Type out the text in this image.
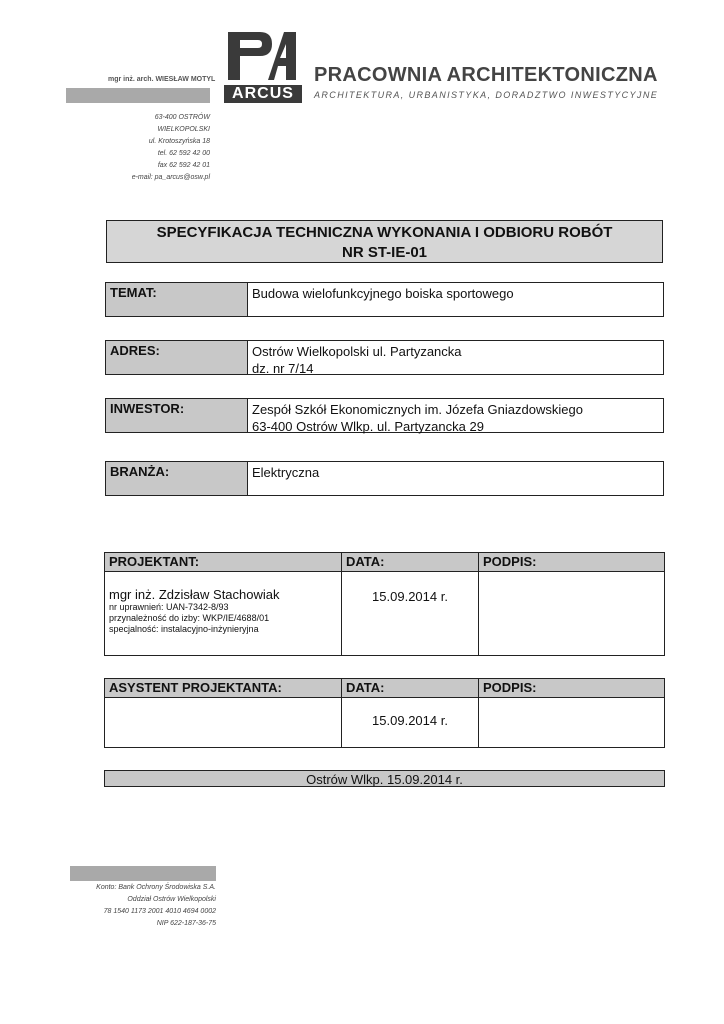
mgr inż. arch. WIESŁAW MOTYL
63-400 OSTRÓW WIELKOPOLSKI
ul. Krotoszyńska 18
tel. 62 592 42 00
fax 62 592 42 01
e-mail: pa_arcus@osw.pl
ARCUS
PRACOWNIA ARCHITEKTONICZNA
ARCHITEKTURA, URBANISTYKA, DORADZTWO INWESTYCYJNE
SPECYFIKACJA TECHNICZNA WYKONANIA I ODBIORU ROBÓT
NR ST-IE-01
TEMAT:	Budowa wielofunkcyjnego boiska sportowego
ADRES:	Ostrów Wielkopolski ul. Partyzancka
dz. nr 7/14
INWESTOR:	Zespół Szkół Ekonomicznych im. Józefa Gniazdowskiego
63-400 Ostrów Wlkp. ul. Partyzancka 29
BRANŻA:	Elektryczna
PROJEKTANT:	DATA:	PODPIS:

mgr inż. Zdzisław Stachowiak
nr uprawnień: UAN-7342-8/93
przynależność do izby: WKP/IE/4688/01
specjalność: instalacyjno-inżynieryjna	15.09.2014 r.	

ASYSTENT PROJEKTANTA:	DATA:	PODPIS:

	15.09.2014 r.	

Ostrów Wlkp. 15.09.2014 r.
Konto: Bank Ochrony Środowiska S.A.
Oddział Ostrów Wielkopolski
78 1540 1173 2001 4010 4694 0002
NIP 622-187-36-75
